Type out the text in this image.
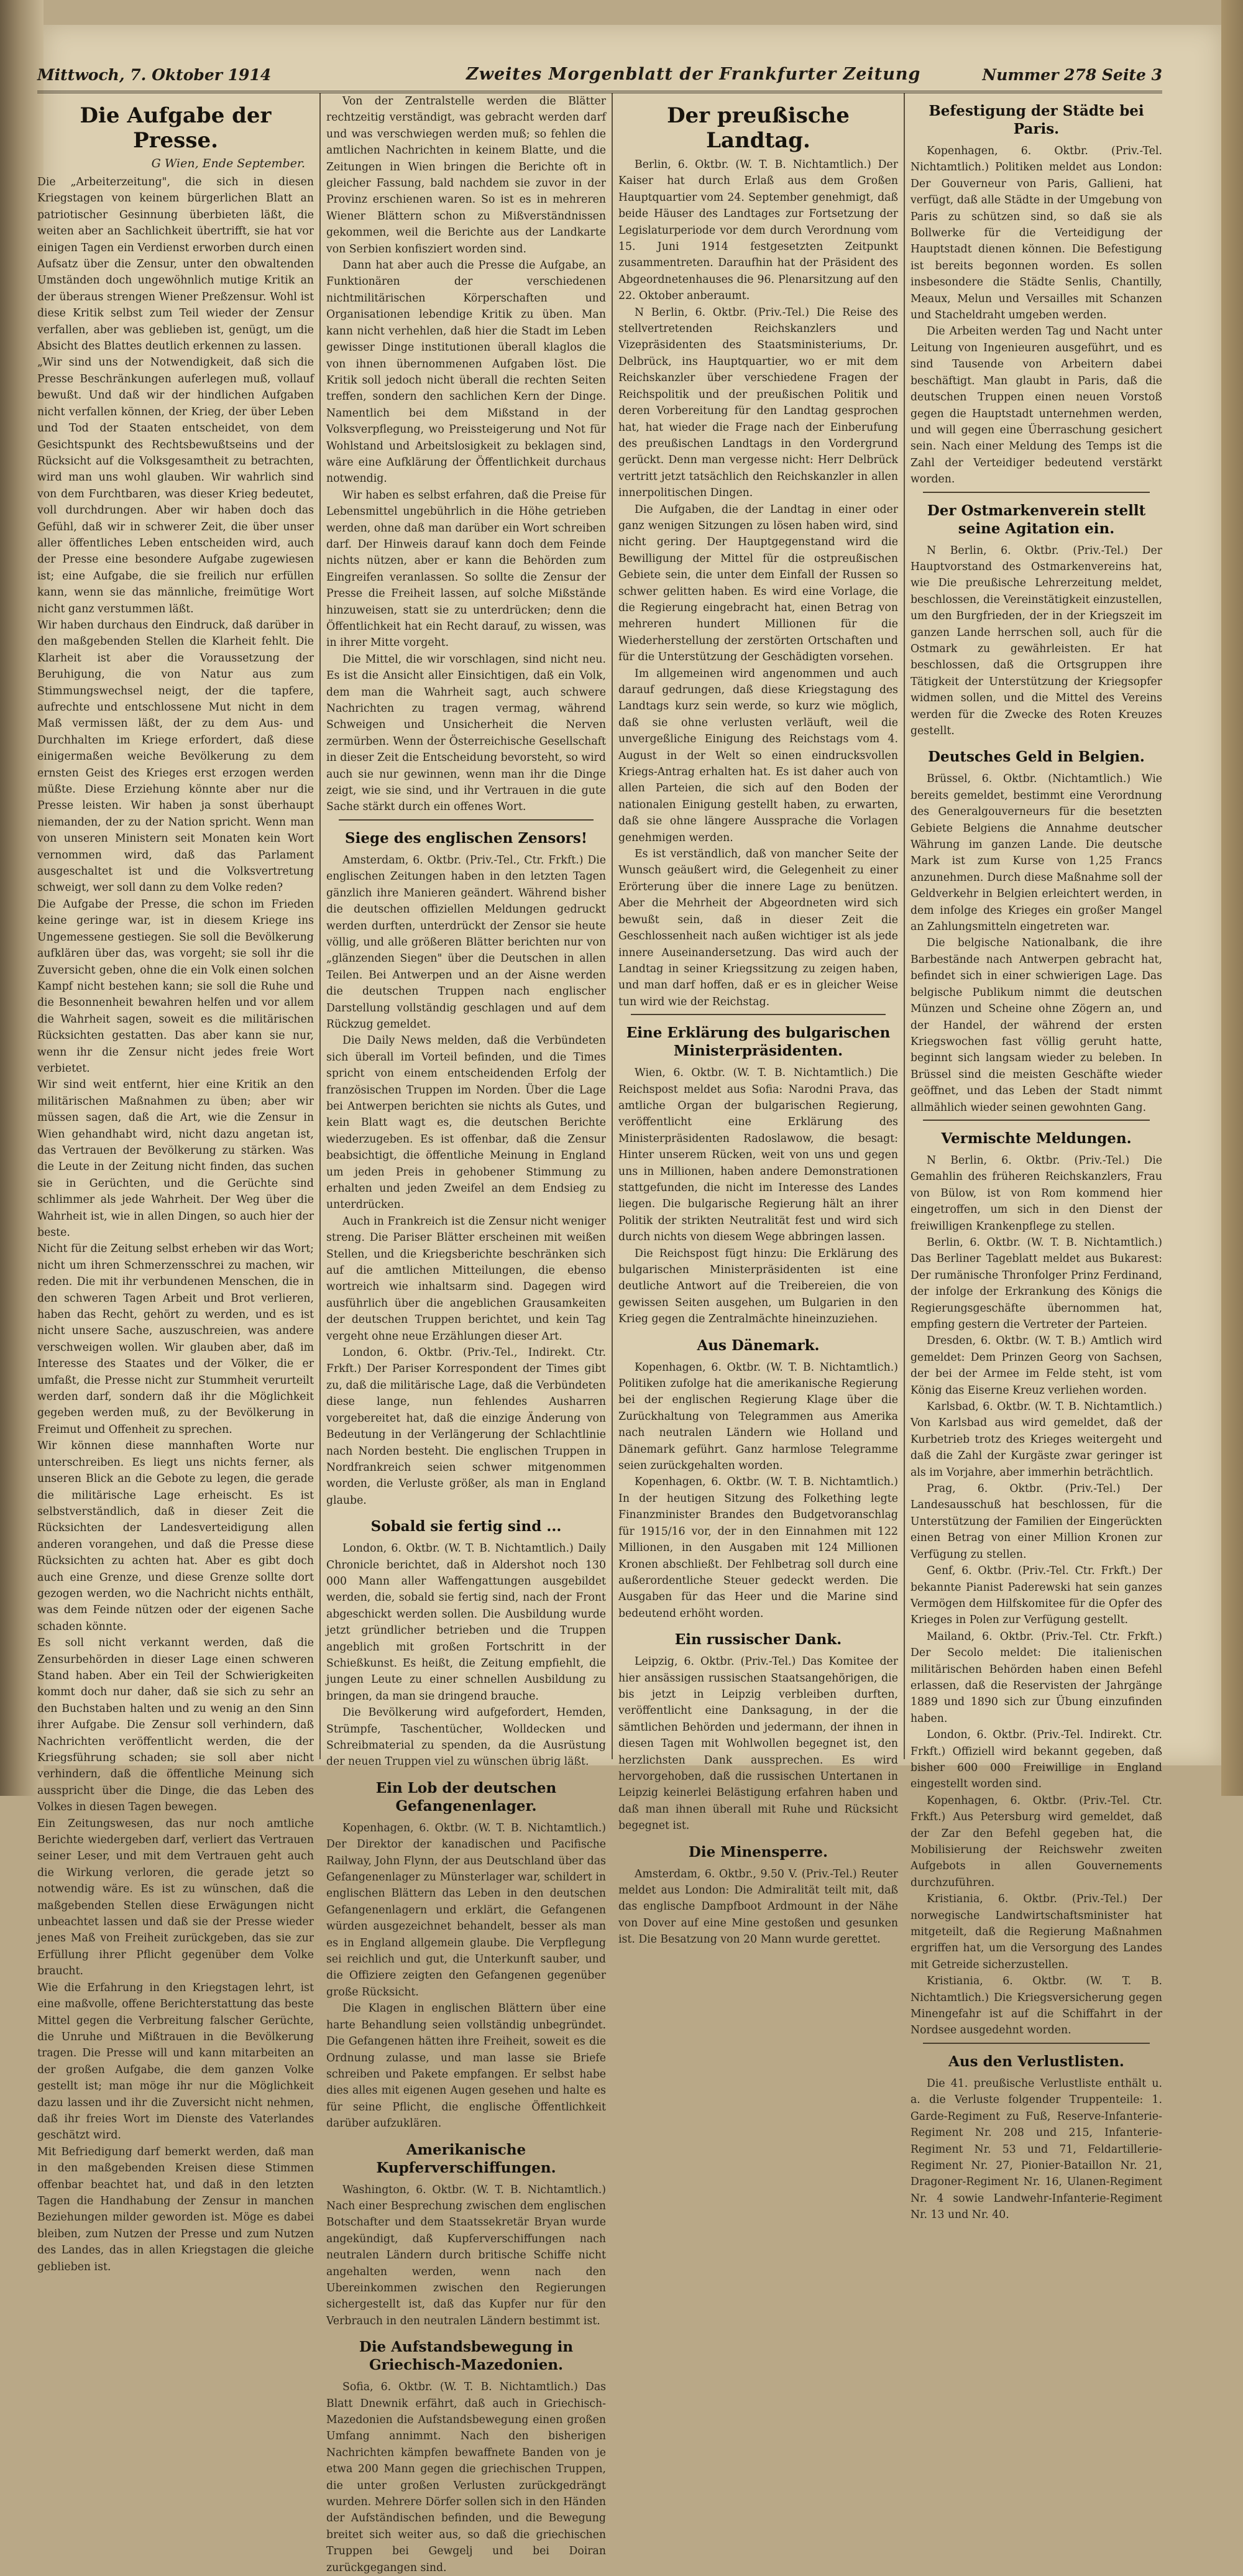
Mittwoch, 7. Oktober 1914	Zweites Morgenblatt der Frankfurter Zeitung	Nummer 278 Seite 3
Die Aufgabe der Presse.
G Wien, Ende September.

Die „Arbeiterzeitung", die sich in diesen Kriegstagen von keinem bürgerlichen Blatt an patriotischer Gesinnung überbieten läßt, die weiten aber an Sachlichkeit übertrifft, sie hat vor einigen Tagen ein Verdienst erworben durch einen Aufsatz über die Zensur, unter den obwaltenden Umständen doch ungewöhnlich mutige Kritik an der überaus strengen Wiener Preßzensur. Wohl ist diese Kritik selbst zum Teil wieder der Zensur verfallen, aber was geblieben ist, genügt, um die Absicht des Blattes deutlich erkennen zu lassen.

„Wir sind uns der Notwendigkeit, daß sich die Presse Beschränkungen auferlegen muß, vollauf bewußt. Und daß wir der hindlichen Aufgaben nicht verfallen können, der Krieg, der über Leben und Tod der Staaten entscheidet, von dem Gesichtspunkt des Rechtsbewußtseins und der Rücksicht auf die Volksgesamtheit zu betrachten, wird man uns wohl glauben. Wir wahrlich sind von dem Furchtbaren, was dieser Krieg bedeutet, voll durchdrungen. Aber wir haben doch das Gefühl, daß wir in schwerer Zeit, die über unser aller öffentliches Leben entscheiden wird, auch der Presse eine besondere Aufgabe zugewiesen ist; eine Aufgabe, die sie freilich nur erfüllen kann, wenn sie das männliche, freimütige Wort nicht ganz verstummen läßt.

Wir haben durchaus den Eindruck, daß darüber in den maßgebenden Stellen die Klarheit fehlt. Die Klarheit ist aber die Voraussetzung der Beruhigung, die von Natur aus zum Stimmungswechsel neigt, der die tapfere, aufrechte und entschlossene Mut nicht in dem Maß vermissen läßt, der zu dem Aus- und Durchhalten im Kriege erfordert, daß diese einigermaßen weiche Bevölkerung zu dem ernsten Geist des Krieges erst erzogen werden müßte. Diese Erziehung könnte aber nur die Presse leisten. Wir haben ja sonst überhaupt niemanden, der zu der Nation spricht. Wenn man von unseren Ministern seit Monaten kein Wort vernommen wird, daß das Parlament ausgeschaltet ist und die Volksvertretung schweigt, wer soll dann zu dem Volke reden?

Die Aufgabe der Presse, die schon im Frieden keine geringe war, ist in diesem Kriege ins Ungemessene gestiegen. Sie soll die Bevölkerung aufklären über das, was vorgeht; sie soll ihr die Zuversicht geben, ohne die ein Volk einen solchen Kampf nicht bestehen kann; sie soll die Ruhe und die Besonnenheit bewahren helfen und vor allem die Wahrheit sagen, soweit es die militärischen Rücksichten gestatten. Das aber kann sie nur, wenn ihr die Zensur nicht jedes freie Wort verbietet.

Wir sind weit entfernt, hier eine Kritik an den militärischen Maßnahmen zu üben; aber wir müssen sagen, daß die Art, wie die Zensur in Wien gehandhabt wird, nicht dazu angetan ist, das Vertrauen der Bevölkerung zu stärken. Was die Leute in der Zeitung nicht finden, das suchen sie in Gerüchten, und die Gerüchte sind schlimmer als jede Wahrheit. Der Weg über die Wahrheit ist, wie in allen Dingen, so auch hier der beste.

Nicht für die Zeitung selbst erheben wir das Wort; nicht um ihren Schmerzensschrei zu machen, wir reden. Die mit ihr verbundenen Menschen, die in den schweren Tagen Arbeit und Brot verlieren, haben das Recht, gehört zu werden, und es ist nicht unsere Sache, auszuschreien, was andere verschweigen wollen. Wir glauben aber, daß im Interesse des Staates und der Völker, die er umfaßt, die Presse nicht zur Stummheit verurteilt werden darf, sondern daß ihr die Möglichkeit gegeben werden muß, zu der Bevölkerung in Freimut und Offenheit zu sprechen.

Wir können diese mannhaften Worte nur unterschreiben. Es liegt uns nichts ferner, als unseren Blick an die Gebote zu legen, die gerade die militärische Lage erheischt. Es ist selbstverständlich, daß in dieser Zeit die Rücksichten der Landesverteidigung allen anderen vorangehen, und daß die Presse diese Rücksichten zu achten hat. Aber es gibt doch auch eine Grenze, und diese Grenze sollte dort gezogen werden, wo die Nachricht nichts enthält, was dem Feinde nützen oder der eigenen Sache schaden könnte.

Es soll nicht verkannt werden, daß die Zensurbehörden in dieser Lage einen schweren Stand haben. Aber ein Teil der Schwierigkeiten kommt doch nur daher, daß sie sich zu sehr an den Buchstaben halten und zu wenig an den Sinn ihrer Aufgabe. Die Zensur soll verhindern, daß Nachrichten veröffentlicht werden, die der Kriegsführung schaden; sie soll aber nicht verhindern, daß die öffentliche Meinung sich ausspricht über die Dinge, die das Leben des Volkes in diesen Tagen bewegen.

Ein Zeitungswesen, das nur noch amtliche Berichte wiedergeben darf, verliert das Vertrauen seiner Leser, und mit dem Vertrauen geht auch die Wirkung verloren, die gerade jetzt so notwendig wäre. Es ist zu wünschen, daß die maßgebenden Stellen diese Erwägungen nicht unbeachtet lassen und daß sie der Presse wieder jenes Maß von Freiheit zurückgeben, das sie zur Erfüllung ihrer Pflicht gegenüber dem Volke braucht.

Wie die Erfahrung in den Kriegstagen lehrt, ist eine maßvolle, offene Berichterstattung das beste Mittel gegen die Verbreitung falscher Gerüchte, die Unruhe und Mißtrauen in die Bevölkerung tragen. Die Presse will und kann mitarbeiten an der großen Aufgabe, die dem ganzen Volke gestellt ist; man möge ihr nur die Möglichkeit dazu lassen und ihr die Zuversicht nicht nehmen, daß ihr freies Wort im Dienste des Vaterlandes geschätzt wird.

Mit Befriedigung darf bemerkt werden, daß man in den maßgebenden Kreisen diese Stimmen offenbar beachtet hat, und daß in den letzten Tagen die Handhabung der Zensur in manchen Beziehungen milder geworden ist. Möge es dabei bleiben, zum Nutzen der Presse und zum Nutzen des Landes, das in allen Kriegstagen die gleiche geblieben ist.

Von der Zentralstelle werden die Blätter rechtzeitig verständigt, was gebracht werden darf und was verschwiegen werden muß; so fehlen die amtlichen Nachrichten in keinem Blatte, und die Zeitungen in Wien bringen die Berichte oft in gleicher Fassung, bald nachdem sie zuvor in der Provinz erschienen waren. So ist es in mehreren Wiener Blättern schon zu Mißverständnissen gekommen, weil die Berichte aus der Landkarte von Serbien konfisziert worden sind.

Dann hat aber auch die Presse die Aufgabe, an Funktionären der verschiedenen nichtmilitärischen Körperschaften und Organisationen lebendige Kritik zu üben. Man kann nicht verhehlen, daß hier die Stadt im Leben gewisser Dinge institutionen überall klaglos die von ihnen übernommenen Aufgaben löst. Die Kritik soll jedoch nicht überall die rechten Seiten treffen, sondern den sachlichen Kern der Dinge. Namentlich bei dem Mißstand in der Volksverpflegung, wo Preissteigerung und Not für Wohlstand und Arbeitslosigkeit zu beklagen sind, wäre eine Aufklärung der Öffentlichkeit durchaus notwendig.

Wir haben es selbst erfahren, daß die Preise für Lebensmittel ungebührlich in die Höhe getrieben werden, ohne daß man darüber ein Wort schreiben darf. Der Hinweis darauf kann doch dem Feinde nichts nützen, aber er kann die Behörden zum Eingreifen veranlassen. So sollte die Zensur der Presse die Freiheit lassen, auf solche Mißstände hinzuweisen, statt sie zu unterdrücken; denn die Öffentlichkeit hat ein Recht darauf, zu wissen, was in ihrer Mitte vorgeht.

Die Mittel, die wir vorschlagen, sind nicht neu. Es ist die Ansicht aller Einsichtigen, daß ein Volk, dem man die Wahrheit sagt, auch schwere Nachrichten zu tragen vermag, während Schweigen und Unsicherheit die Nerven zermürben. Wenn der Österreichische Gesellschaft in dieser Zeit die Entscheidung bevorsteht, so wird auch sie nur gewinnen, wenn man ihr die Dinge zeigt, wie sie sind, und ihr Vertrauen in die gute Sache stärkt durch ein offenes Wort.

Siege des englischen Zensors!

Amsterdam, 6. Oktbr. (Priv.-Tel., Ctr. Frkft.) Die englischen Zeitungen haben in den letzten Tagen gänzlich ihre Manieren geändert. Während bisher die deutschen offiziellen Meldungen gedruckt werden durften, unterdrückt der Zensor sie heute völlig, und alle größeren Blätter berichten nur von „glänzenden Siegen" über die Deutschen in allen Teilen. Bei Antwerpen und an der Aisne werden die deutschen Truppen nach englischer Darstellung vollständig geschlagen und auf dem Rückzug gemeldet.

Die Daily News melden, daß die Verbündeten sich überall im Vorteil befinden, und die Times spricht von einem entscheidenden Erfolg der französischen Truppen im Norden. Über die Lage bei Antwerpen berichten sie nichts als Gutes, und kein Blatt wagt es, die deutschen Berichte wiederzugeben. Es ist offenbar, daß die Zensur beabsichtigt, die öffentliche Meinung in England um jeden Preis in gehobener Stimmung zu erhalten und jeden Zweifel an dem Endsieg zu unterdrücken.

Auch in Frankreich ist die Zensur nicht weniger streng. Die Pariser Blätter erscheinen mit weißen Stellen, und die Kriegsberichte beschränken sich auf die amtlichen Mitteilungen, die ebenso wortreich wie inhaltsarm sind. Dagegen wird ausführlich über die angeblichen Grausamkeiten der deutschen Truppen berichtet, und kein Tag vergeht ohne neue Erzählungen dieser Art.

London, 6. Oktbr. (Priv.-Tel., Indirekt. Ctr. Frkft.) Der Pariser Korrespondent der Times gibt zu, daß die militärische Lage, daß die Verbündeten diese lange, nun fehlendes Ausharren vorgebereitet hat, daß die einzige Änderung von Bedeutung in der Verlängerung der Schlachtlinie nach Norden besteht. Die englischen Truppen in Nordfrankreich seien schwer mitgenommen worden, die Verluste größer, als man in England glaube.

Sobald sie fertig sind ...

London, 6. Oktbr. (W. T. B. Nichtamtlich.) Daily Chronicle berichtet, daß in Aldershot noch 130 000 Mann aller Waffengattungen ausgebildet werden, die, sobald sie fertig sind, nach der Front abgeschickt werden sollen. Die Ausbildung wurde jetzt gründlicher betrieben und die Truppen angeblich mit großen Fortschritt in der Schießkunst. Es heißt, die Zeitung empfiehlt, die jungen Leute zu einer schnellen Ausbildung zu bringen, da man sie dringend brauche.

Die Bevölkerung wird aufgefordert, Hemden, Strümpfe, Taschentücher, Wolldecken und Schreibmaterial zu spenden, da die Ausrüstung der neuen Truppen viel zu wünschen übrig läßt.

Ein Lob der deutschen Gefangenenlager.

Kopenhagen, 6. Oktbr. (W. T. B. Nichtamtlich.) Der Direktor der kanadischen und Pacifische Railway, John Flynn, der aus Deutschland über das Gefangenenlager zu Münsterlager war, schildert in englischen Blättern das Leben in den deutschen Gefangenenlagern und erklärt, die Gefangenen würden ausgezeichnet behandelt, besser als man es in England allgemein glaube. Die Verpflegung sei reichlich und gut, die Unterkunft sauber, und die Offiziere zeigten den Gefangenen gegenüber große Rücksicht.

Die Klagen in englischen Blättern über eine harte Behandlung seien vollständig unbegründet. Die Gefangenen hätten ihre Freiheit, soweit es die Ordnung zulasse, und man lasse sie Briefe schreiben und Pakete empfangen. Er selbst habe dies alles mit eigenen Augen gesehen und halte es für seine Pflicht, die englische Öffentlichkeit darüber aufzuklären.

Amerikanische Kupferverschiffungen.

Washington, 6. Oktbr. (W. T. B. Nichtamtlich.) Nach einer Besprechung zwischen dem englischen Botschafter und dem Staatssekretär Bryan wurde angekündigt, daß Kupferverschiffungen nach neutralen Ländern durch britische Schiffe nicht angehalten werden, wenn nach den Ubereinkommen zwischen den Regierungen sichergestellt ist, daß das Kupfer nur für den Verbrauch in den neutralen Ländern bestimmt ist.

Die Aufstandsbewegung in Griechisch-Mazedonien.

Sofia, 6. Oktbr. (W. T. B. Nichtamtlich.) Das Blatt Dnewnik erfährt, daß auch in Griechisch-Mazedonien die Aufstandsbewegung einen großen Umfang annimmt. Nach den bisherigen Nachrichten kämpfen bewaffnete Banden von je etwa 200 Mann gegen die griechischen Truppen, die unter großen Verlusten zurückgedrängt wurden. Mehrere Dörfer sollen sich in den Händen der Aufständischen befinden, und die Bewegung breitet sich weiter aus, so daß die griechischen Truppen bei Gewgelj und bei Doiran zurückgegangen sind.

Der preußische Landtag.

Berlin, 6. Oktbr. (W. T. B. Nichtamtlich.) Der Kaiser hat durch Erlaß aus dem Großen Hauptquartier vom 24. September genehmigt, daß beide Häuser des Landtages zur Fortsetzung der Legislaturperiode vor dem durch Verordnung vom 15. Juni 1914 festgesetzten Zeitpunkt zusammentreten. Daraufhin hat der Präsident des Abgeordnetenhauses die 96. Plenarsitzung auf den 22. Oktober anberaumt.

N Berlin, 6. Oktbr. (Priv.-Tel.) Die Reise des stellvertretenden Reichskanzlers und Vizepräsidenten des Staatsministeriums, Dr. Delbrück, ins Hauptquartier, wo er mit dem Reichskanzler über verschiedene Fragen der Reichspolitik und der preußischen Politik und deren Vorbereitung für den Landtag gesprochen hat, hat wieder die Frage nach der Einberufung des preußischen Landtags in den Vordergrund gerückt. Denn man vergesse nicht: Herr Delbrück vertritt jetzt tatsächlich den Reichskanzler in allen innerpolitischen Dingen.

Die Aufgaben, die der Landtag in einer oder ganz wenigen Sitzungen zu lösen haben wird, sind nicht gering. Der Hauptgegenstand wird die Bewilligung der Mittel für die ostpreußischen Gebiete sein, die unter dem Einfall der Russen so schwer gelitten haben. Es wird eine Vorlage, die die Regierung eingebracht hat, einen Betrag von mehreren hundert Millionen für die Wiederherstellung der zerstörten Ortschaften und für die Unterstützung der Geschädigten vorsehen.

Im allgemeinen wird angenommen und auch darauf gedrungen, daß diese Kriegstagung des Landtags kurz sein werde, so kurz wie möglich, daß sie ohne verlusten verläuft, weil die unvergeßliche Einigung des Reichstags vom 4. August in der Welt so einen eindrucksvollen Kriegs-Antrag erhalten hat. Es ist daher auch von allen Parteien, die sich auf den Boden der nationalen Einigung gestellt haben, zu erwarten, daß sie ohne längere Aussprache die Vorlagen genehmigen werden.

Es ist verständlich, daß von mancher Seite der Wunsch geäußert wird, die Gelegenheit zu einer Erörterung über die innere Lage zu benützen. Aber die Mehrheit der Abgeordneten wird sich bewußt sein, daß in dieser Zeit die Geschlossenheit nach außen wichtiger ist als jede innere Auseinandersetzung. Das wird auch der Landtag in seiner Kriegssitzung zu zeigen haben, und man darf hoffen, daß er es in gleicher Weise tun wird wie der Reichstag.

Eine Erklärung des bulgarischen Ministerpräsidenten.

Wien, 6. Oktbr. (W. T. B. Nichtamtlich.) Die Reichspost meldet aus Sofia: Narodni Prava, das amtliche Organ der bulgarischen Regierung, veröffentlicht eine Erklärung des Ministerpräsidenten Radoslawow, die besagt: Hinter unserem Rücken, weit von uns und gegen uns in Millionen, haben andere Demonstrationen stattgefunden, die nicht im Interesse des Landes liegen. Die bulgarische Regierung hält an ihrer Politik der strikten Neutralität fest und wird sich durch nichts von diesem Wege abbringen lassen.

Die Reichspost fügt hinzu: Die Erklärung des bulgarischen Ministerpräsidenten ist eine deutliche Antwort auf die Treibereien, die von gewissen Seiten ausgehen, um Bulgarien in den Krieg gegen die Zentralmächte hineinzuziehen.

Aus Dänemark.

Kopenhagen, 6. Oktbr. (W. T. B. Nichtamtlich.) Politiken zufolge hat die amerikanische Regierung bei der englischen Regierung Klage über die Zurückhaltung von Telegrammen aus Amerika nach neutralen Ländern wie Holland und Dänemark geführt. Ganz harmlose Telegramme seien zurückgehalten worden.

Kopenhagen, 6. Oktbr. (W. T. B. Nichtamtlich.) In der heutigen Sitzung des Folkething legte Finanzminister Brandes den Budgetvoranschlag für 1915/16 vor, der in den Einnahmen mit 122 Millionen, in den Ausgaben mit 124 Millionen Kronen abschließt. Der Fehlbetrag soll durch eine außerordentliche Steuer gedeckt werden. Die Ausgaben für das Heer und die Marine sind bedeutend erhöht worden.

Ein russischer Dank.

Leipzig, 6. Oktbr. (Priv.-Tel.) Das Komitee der hier ansässigen russischen Staatsangehörigen, die bis jetzt in Leipzig verbleiben durften, veröffentlicht eine Danksagung, in der die sämtlichen Behörden und jedermann, der ihnen in diesen Tagen mit Wohlwollen begegnet ist, den herzlichsten Dank aussprechen. Es wird hervorgehoben, daß die russischen Untertanen in Leipzig keinerlei Belästigung erfahren haben und daß man ihnen überall mit Ruhe und Rücksicht begegnet ist.

Die Minensperre.

Amsterdam, 6. Oktbr., 9.50 V. (Priv.-Tel.) Reuter meldet aus London: Die Admiralität teilt mit, daß das englische Dampfboot Ardmount in der Nähe von Dover auf eine Mine gestoßen und gesunken ist. Die Besatzung von 20 Mann wurde gerettet.

Befestigung der Städte bei Paris.

Kopenhagen, 6. Oktbr. (Priv.-Tel. Nichtamtlich.) Politiken meldet aus London: Der Gouverneur von Paris, Gallieni, hat verfügt, daß alle Städte in der Umgebung von Paris zu schützen sind, so daß sie als Bollwerke für die Verteidigung der Hauptstadt dienen können. Die Befestigung ist bereits begonnen worden. Es sollen insbesondere die Städte Senlis, Chantilly, Meaux, Melun und Versailles mit Schanzen und Stacheldraht umgeben werden.

Die Arbeiten werden Tag und Nacht unter Leitung von Ingenieuren ausgeführt, und es sind Tausende von Arbeitern dabei beschäftigt. Man glaubt in Paris, daß die deutschen Truppen einen neuen Vorstoß gegen die Hauptstadt unternehmen werden, und will gegen eine Überraschung gesichert sein. Nach einer Meldung des Temps ist die Zahl der Verteidiger bedeutend verstärkt worden.

Der Ostmarkenverein stellt seine Agitation ein.

N Berlin, 6. Oktbr. (Priv.-Tel.) Der Hauptvorstand des Ostmarkenvereins hat, wie Die preußische Lehrerzeitung meldet, beschlossen, die Vereinstätigkeit einzustellen, um den Burgfrieden, der in der Kriegszeit im ganzen Lande herrschen soll, auch für die Ostmark zu gewährleisten. Er hat beschlossen, daß die Ortsgruppen ihre Tätigkeit der Unterstützung der Kriegsopfer widmen sollen, und die Mittel des Vereins werden für die Zwecke des Roten Kreuzes gestellt.

Deutsches Geld in Belgien.

Brüssel, 6. Oktbr. (Nichtamtlich.) Wie bereits gemeldet, bestimmt eine Verordnung des Generalgouverneurs für die besetzten Gebiete Belgiens die Annahme deutscher Währung im ganzen Lande. Die deutsche Mark ist zum Kurse von 1,25 Francs anzunehmen. Durch diese Maßnahme soll der Geldverkehr in Belgien erleichtert werden, in dem infolge des Krieges ein großer Mangel an Zahlungsmitteln eingetreten war.

Die belgische Nationalbank, die ihre Barbestände nach Antwerpen gebracht hat, befindet sich in einer schwierigen Lage. Das belgische Publikum nimmt die deutschen Münzen und Scheine ohne Zögern an, und der Handel, der während der ersten Kriegswochen fast völlig geruht hatte, beginnt sich langsam wieder zu beleben. In Brüssel sind die meisten Geschäfte wieder geöffnet, und das Leben der Stadt nimmt allmählich wieder seinen gewohnten Gang.

Vermischte Meldungen.

N Berlin, 6. Oktbr. (Priv.-Tel.) Die Gemahlin des früheren Reichskanzlers, Frau von Bülow, ist von Rom kommend hier eingetroffen, um sich in den Dienst der freiwilligen Krankenpflege zu stellen.

Berlin, 6. Oktbr. (W. T. B. Nichtamtlich.) Das Berliner Tageblatt meldet aus Bukarest: Der rumänische Thronfolger Prinz Ferdinand, der infolge der Erkrankung des Königs die Regierungsgeschäfte übernommen hat, empfing gestern die Vertreter der Parteien.

Dresden, 6. Oktbr. (W. T. B.) Amtlich wird gemeldet: Dem Prinzen Georg von Sachsen, der bei der Armee im Felde steht, ist vom König das Eiserne Kreuz verliehen worden.

Karlsbad, 6. Oktbr. (W. T. B. Nichtamtlich.) Von Karlsbad aus wird gemeldet, daß der Kurbetrieb trotz des Krieges weitergeht und daß die Zahl der Kurgäste zwar geringer ist als im Vorjahre, aber immerhin beträchtlich.

Prag, 6. Oktbr. (Priv.-Tel.) Der Landesausschuß hat beschlossen, für die Unterstützung der Familien der Eingerückten einen Betrag von einer Million Kronen zur Verfügung zu stellen.

Genf, 6. Oktbr. (Priv.-Tel. Ctr. Frkft.) Der bekannte Pianist Paderewski hat sein ganzes Vermögen dem Hilfskomitee für die Opfer des Krieges in Polen zur Verfügung gestellt.

Mailand, 6. Oktbr. (Priv.-Tel. Ctr. Frkft.) Der Secolo meldet: Die italienischen militärischen Behörden haben einen Befehl erlassen, daß die Reservisten der Jahrgänge 1889 und 1890 sich zur Übung einzufinden haben.

London, 6. Oktbr. (Priv.-Tel. Indirekt. Ctr. Frkft.) Offiziell wird bekannt gegeben, daß bisher 600 000 Freiwillige in England eingestellt worden sind.

Kopenhagen, 6. Oktbr. (Priv.-Tel. Ctr. Frkft.) Aus Petersburg wird gemeldet, daß der Zar den Befehl gegeben hat, die Mobilisierung der Reichswehr zweiten Aufgebots in allen Gouvernements durchzuführen.

Kristiania, 6. Oktbr. (Priv.-Tel.) Der norwegische Landwirtschaftsminister hat mitgeteilt, daß die Regierung Maßnahmen ergriffen hat, um die Versorgung des Landes mit Getreide sicherzustellen.

Kristiania, 6. Oktbr. (W. T. B. Nichtamtlich.) Die Kriegsversicherung gegen Minengefahr ist auf die Schiffahrt in der Nordsee ausgedehnt worden.

Aus den Verlustlisten.

Die 41. preußische Verlustliste enthält u. a. die Verluste folgender Truppenteile: 1. Garde-Regiment zu Fuß, Reserve-Infanterie-Regiment Nr. 208 und 215, Infanterie-Regiment Nr. 53 und 71, Feldartillerie-Regiment Nr. 27, Pionier-Bataillon Nr. 21, Dragoner-Regiment Nr. 16, Ulanen-Regiment Nr. 4 sowie Landwehr-Infanterie-Regiment Nr. 13 und Nr. 40.
